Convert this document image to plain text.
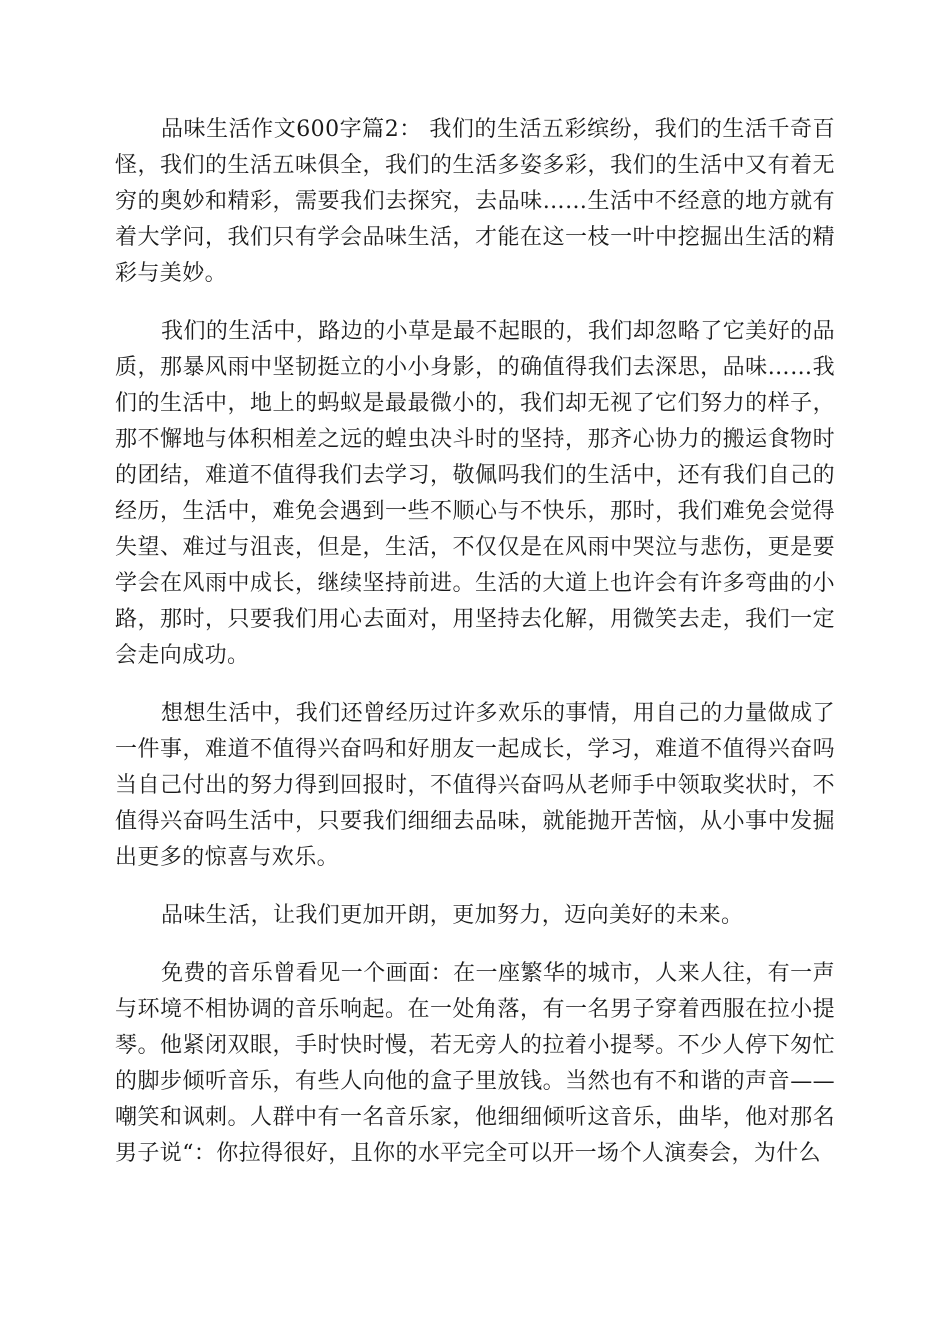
品味生活作文600字篇2： 我们的生活五彩缤纷，我们的生活千奇百怪，我们的生活五味俱全，我们的生活多姿多彩，我们的生活中又有着无穷的奥妙和精彩，需要我们去探究，去品味……生活中不经意的地方就有着大学问，我们只有学会品味生活，才能在这一枝一叶中挖掘出生活的精彩与美妙。

我们的生活中，路边的小草是最不起眼的，我们却忽略了它美好的品质，那暴风雨中坚韧挺立的小小身影，的确值得我们去深思，品味……我们的生活中，地上的蚂蚁是最最微小的，我们却无视了它们努力的样子，那不懈地与体积相差之远的蝗虫决斗时的坚持，那齐心协力的搬运食物时的团结，难道不值得我们去学习，敬佩吗我们的生活中，还有我们自己的经历，生活中，难免会遇到一些不顺心与不快乐，那时，我们难免会觉得失望、难过与沮丧，但是，生活，不仅仅是在风雨中哭泣与悲伤，更是要学会在风雨中成长，继续坚持前进。生活的大道上也许会有许多弯曲的小路，那时，只要我们用心去面对，用坚持去化解，用微笑去走，我们一定会走向成功。

想想生活中，我们还曾经历过许多欢乐的事情，用自己的力量做成了一件事，难道不值得兴奋吗和好朋友一起成长，学习，难道不值得兴奋吗当自己付出的努力得到回报时，不值得兴奋吗从老师手中领取奖状时，不值得兴奋吗生活中，只要我们细细去品味，就能抛开苦恼，从小事中发掘出更多的惊喜与欢乐。

品味生活，让我们更加开朗，更加努力，迈向美好的未来。

免费的音乐曾看见一个画面：在一座繁华的城市，人来人往，有一声与环境不相协调的音乐响起。在一处角落，有一名男子穿着西服在拉小提琴。他紧闭双眼，手时快时慢，若无旁人的拉着小提琴。不少人停下匆忙的脚步倾听音乐，有些人向他的盒子里放钱。当然也有不和谐的声音——嘲笑和讽刺。人群中有一名音乐家，他细细倾听这音乐，曲毕，他对那名男子说“：你拉得很好，且你的水平完全可以开一场个人演奏会，为什么
